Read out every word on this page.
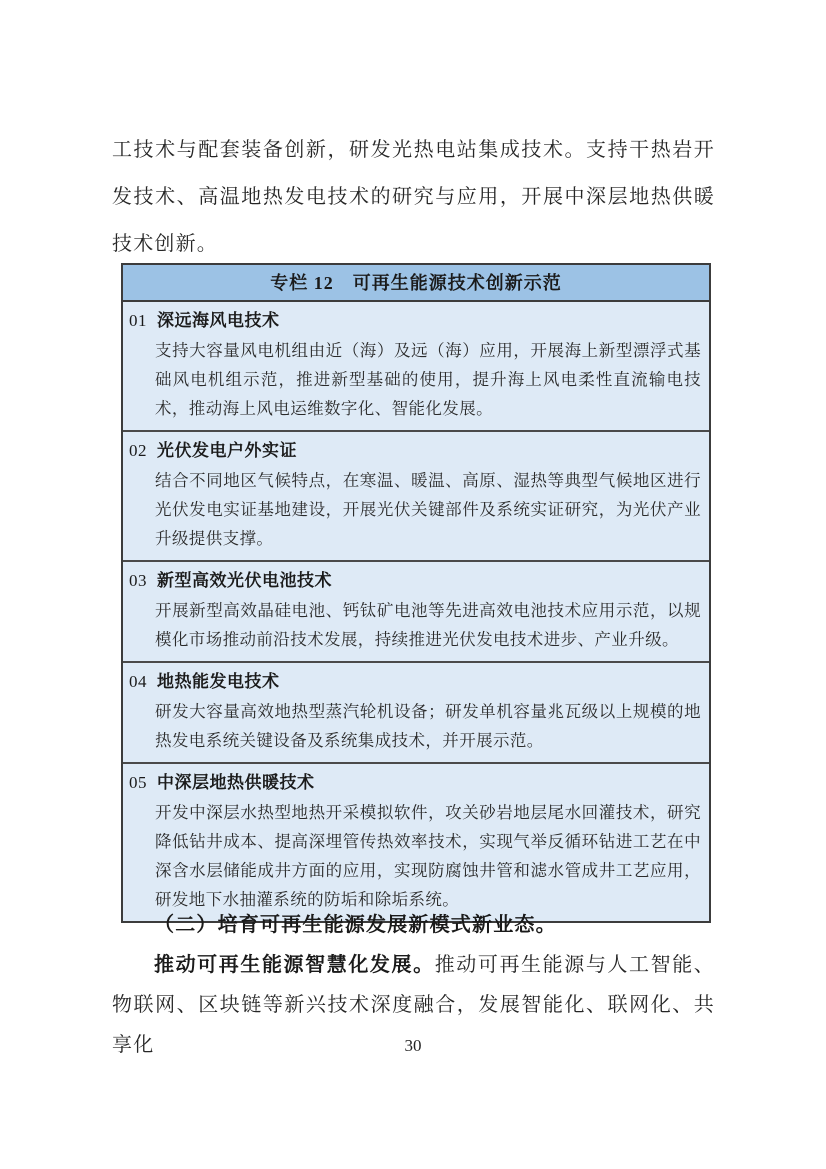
工技术与配套装备创新，研发光热电站集成技术。支持干热岩开发技术、高温地热发电技术的研究与应用，开展中深层地热供暖技术创新。

专栏 12　可再生能源技术创新示范
01 深远海风电技术
支持大容量风电机组由近（海）及远（海）应用，开展海上新型漂浮式基础风电机组示范，推进新型基础的使用，提升海上风电柔性直流输电技术，推动海上风电运维数字化、智能化发展。
02 光伏发电户外实证
结合不同地区气候特点，在寒温、暖温、高原、湿热等典型气候地区进行光伏发电实证基地建设，开展光伏关键部件及系统实证研究，为光伏产业升级提供支撑。
03 新型高效光伏电池技术
开展新型高效晶硅电池、钙钛矿电池等先进高效电池技术应用示范，以规模化市场推动前沿技术发展，持续推进光伏发电技术进步、产业升级。
04 地热能发电技术
研发大容量高效地热型蒸汽轮机设备；研发单机容量兆瓦级以上规模的地热发电系统关键设备及系统集成技术，并开展示范。
05 中深层地热供暖技术
开发中深层水热型地热开采模拟软件，攻关砂岩地层尾水回灌技术，研究降低钻井成本、提高深埋管传热效率技术，实现气举反循环钻进工艺在中深含水层储能成井方面的应用，实现防腐蚀井管和滤水管成井工艺应用，研发地下水抽灌系统的防垢和除垢系统。

（二）培育可再生能源发展新模式新业态。

推动可再生能源智慧化发展。推动可再生能源与人工智能、物联网、区块链等新兴技术深度融合，发展智能化、联网化、共享化	30
